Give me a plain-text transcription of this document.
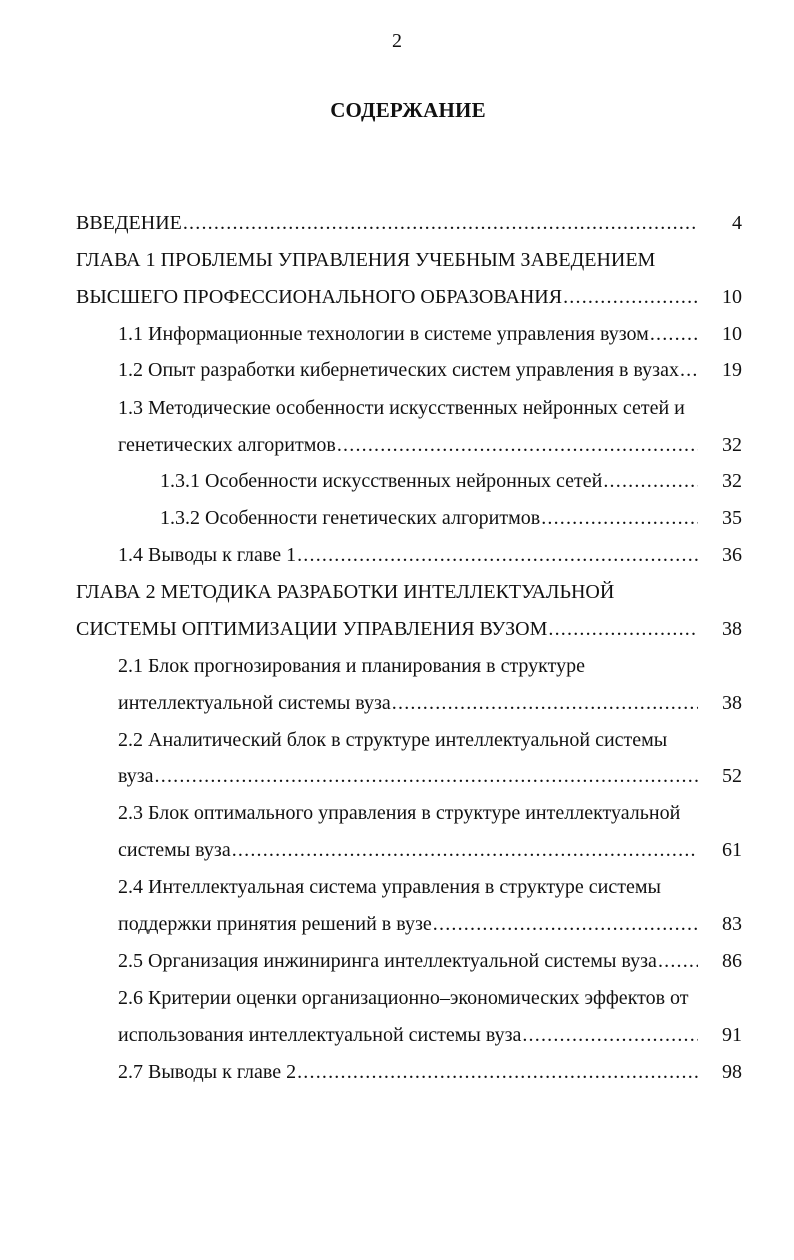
2
СОДЕРЖАНИЕ
ВВЕДЕНИЕ .....	4
ГЛАВА 1 ПРОБЛЕМЫ УПРАВЛЕНИЯ УЧЕБНЫМ ЗАВЕДЕНИЕМ
ВЫСШЕГО ПРОФЕССИОНАЛЬНОГО ОБРАЗОВАНИЯ .....	10
1.1 Информационные технологии в системе управления вузом .....	10
1.2 Опыт разработки кибернетических систем управления в вузах .....	19
1.3 Методические особенности искусственных нейронных сетей и
генетических алгоритмов .....	32
1.3.1 Особенности искусственных нейронных сетей .....	32
1.3.2 Особенности генетических алгоритмов .....	35
1.4 Выводы к главе 1 .....	36
ГЛАВА 2 МЕТОДИКА РАЗРАБОТКИ ИНТЕЛЛЕКТУАЛЬНОЙ
СИСТЕМЫ ОПТИМИЗАЦИИ УПРАВЛЕНИЯ ВУЗОМ .....	38
2.1 Блок прогнозирования и планирования в структуре
интеллектуальной системы вуза .....	38
2.2 Аналитический блок в структуре интеллектуальной системы
вуза .....	52
2.3 Блок оптимального управления в структуре интеллектуальной
системы вуза .....	61
2.4 Интеллектуальная система управления в структуре системы
поддержки принятия решений в вузе .....	83
2.5 Организация инжиниринга интеллектуальной системы вуза .....	86
2.6 Критерии оценки организационно–экономических эффектов от
использования интеллектуальной системы вуза .....	91
2.7 Выводы к главе 2 .....	98
